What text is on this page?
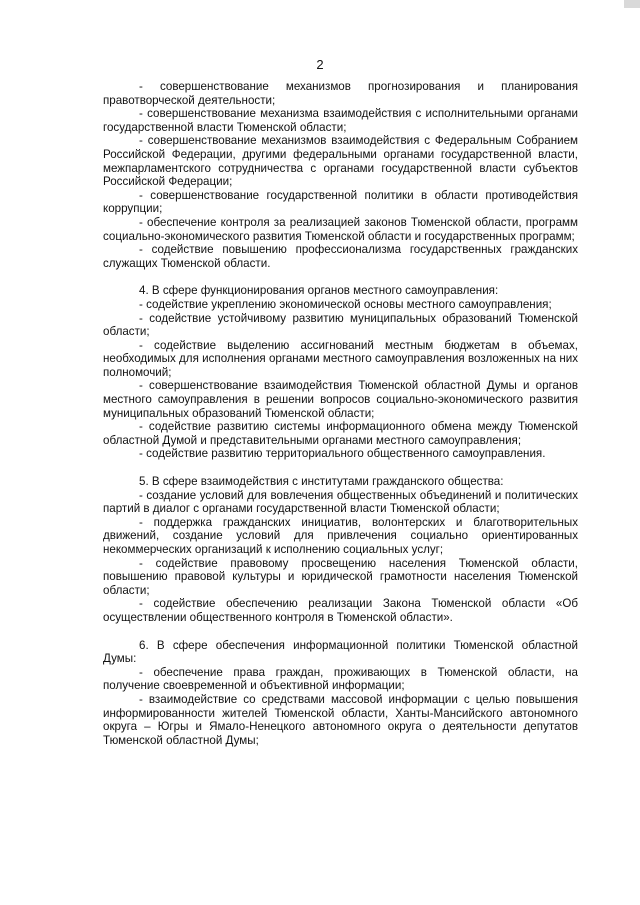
2

- совершенствование механизмов прогнозирования и планирования правотворческой деятельности;

- совершенствование механизма взаимодействия с исполнительными органами государственной власти Тюменской области;

- совершенствование механизмов взаимодействия с Федеральным Собранием Российской Федерации, другими федеральными органами государственной власти, межпарламентского сотрудничества с органами государственной власти субъектов Российской Федерации;

- совершенствование государственной политики в области противодействия коррупции;

- обеспечение контроля за реализацией законов Тюменской области, программ социально-экономического развития Тюменской области и государственных программ;

- содействие повышению профессионализма государственных гражданских служащих Тюменской области.

4. В сфере функционирования органов местного самоуправления:

- содействие укреплению экономической основы местного самоуправления;

- содействие устойчивому развитию муниципальных образований Тюменской области;

- содействие выделению ассигнований местным бюджетам в объемах, необходимых для исполнения органами местного самоуправления возложенных на них полномочий;

- совершенствование взаимодействия Тюменской областной Думы и органов местного самоуправления в решении вопросов социально-экономического развития муниципальных образований Тюменской области;

- содействие развитию системы информационного обмена между Тюменской областной Думой и представительными органами местного самоуправления;

- содействие развитию территориального общественного самоуправления.

5. В сфере взаимодействия с институтами гражданского общества:

- создание условий для вовлечения общественных объединений и политических партий в диалог с органами государственной власти Тюменской области;

- поддержка гражданских инициатив, волонтерских и благотворительных движений, создание условий для привлечения социально ориентированных некоммерческих организаций к исполнению социальных услуг;

- содействие правовому просвещению населения Тюменской области, повышению правовой культуры и юридической грамотности населения Тюменской области;

- содействие обеспечению реализации Закона Тюменской области «Об осуществлении общественного контроля в Тюменской области».

6. В сфере обеспечения информационной политики Тюменской областной Думы:

- обеспечение права граждан, проживающих в Тюменской области, на получение своевременной и объективной информации;

- взаимодействие со средствами массовой информации с целью повышения информированности жителей Тюменской области, Ханты-Мансийского автономного округа – Югры и Ямало-Ненецкого автономного округа о деятельности депутатов Тюменской областной Думы;
